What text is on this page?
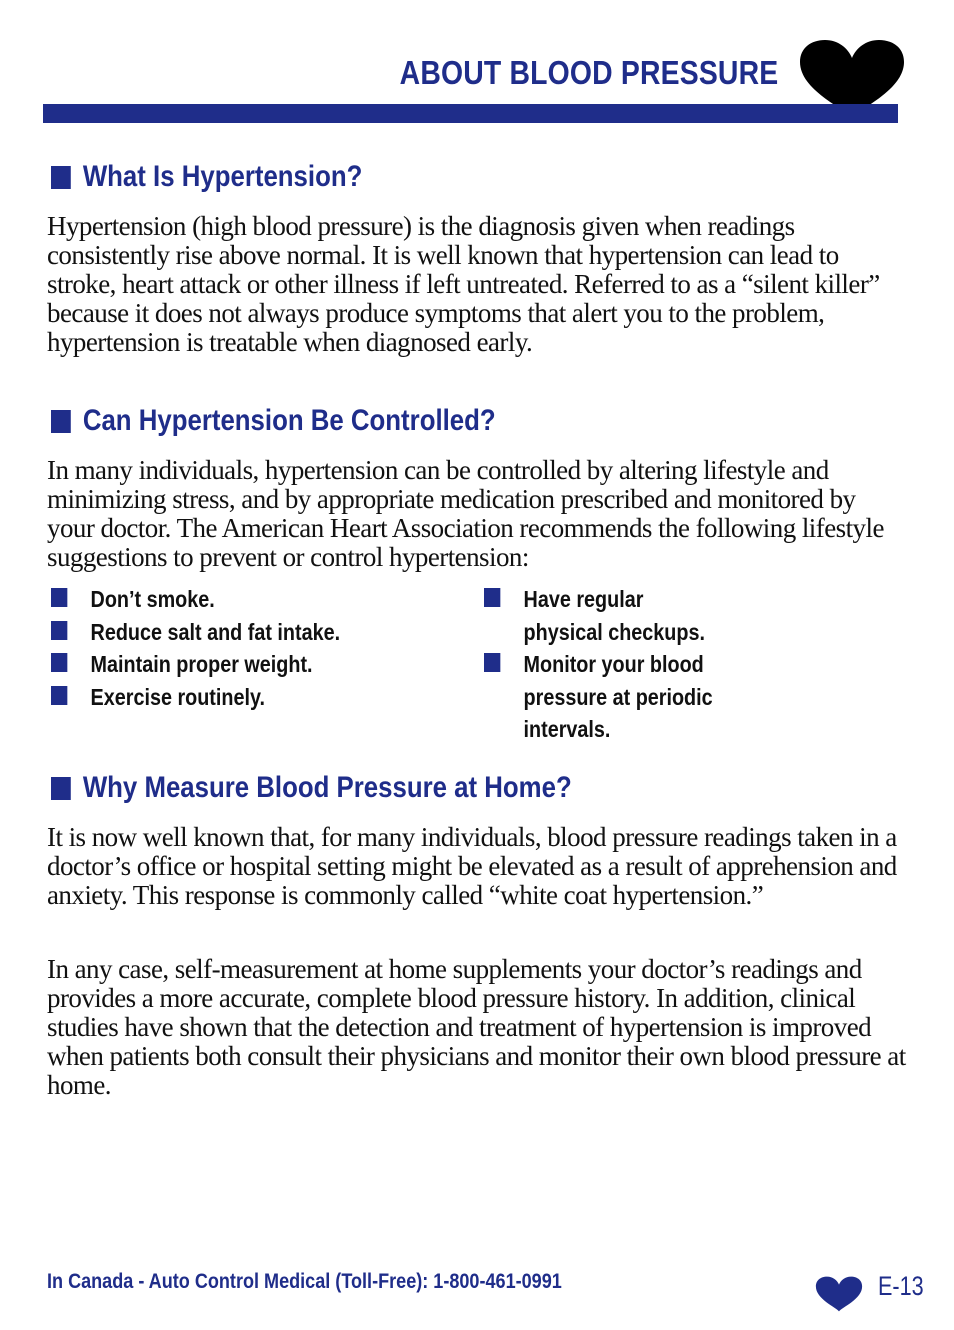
ABOUT BLOOD PRESSURE
What Is Hypertension?

Hypertension (high blood pressure) is the diagnosis given when readings consistently rise above normal. It is well known that hypertension can lead to stroke, heart attack or other illness if left untreated. Referred to as a “silent killer” because it does not always produce symptoms that alert you to the problem, hypertension is treatable when diagnosed early.

Can Hypertension Be Controlled?

In many individuals, hypertension can be controlled by altering lifestyle and minimizing stress, and by appropriate medication prescribed and monitored by your doctor. The American Heart Association recommends the following lifestyle suggestions to prevent or control hypertension:

Don’t smoke.
Reduce salt and fat intake.
Maintain proper weight.
Exercise routinely.
Have regular
physical checkups.
Monitor your blood
pressure at periodic
intervals.
Why Measure Blood Pressure at Home?

It is now well known that, for many individuals, blood pressure readings taken in a doctor’s office or hospital setting might be elevated as a result of apprehension and anxiety. This response is commonly called “white coat hypertension.”

In any case, self-measurement at home supplements your doctor’s readings and provides a more accurate, complete blood pressure history. In addition, clinical studies have shown that the detection and treatment of hypertension is improved when patients both consult their physicians and monitor their own blood pressure at home.

In Canada - Auto Control Medical (Toll-Free): 1-800-461-0991	E-13
